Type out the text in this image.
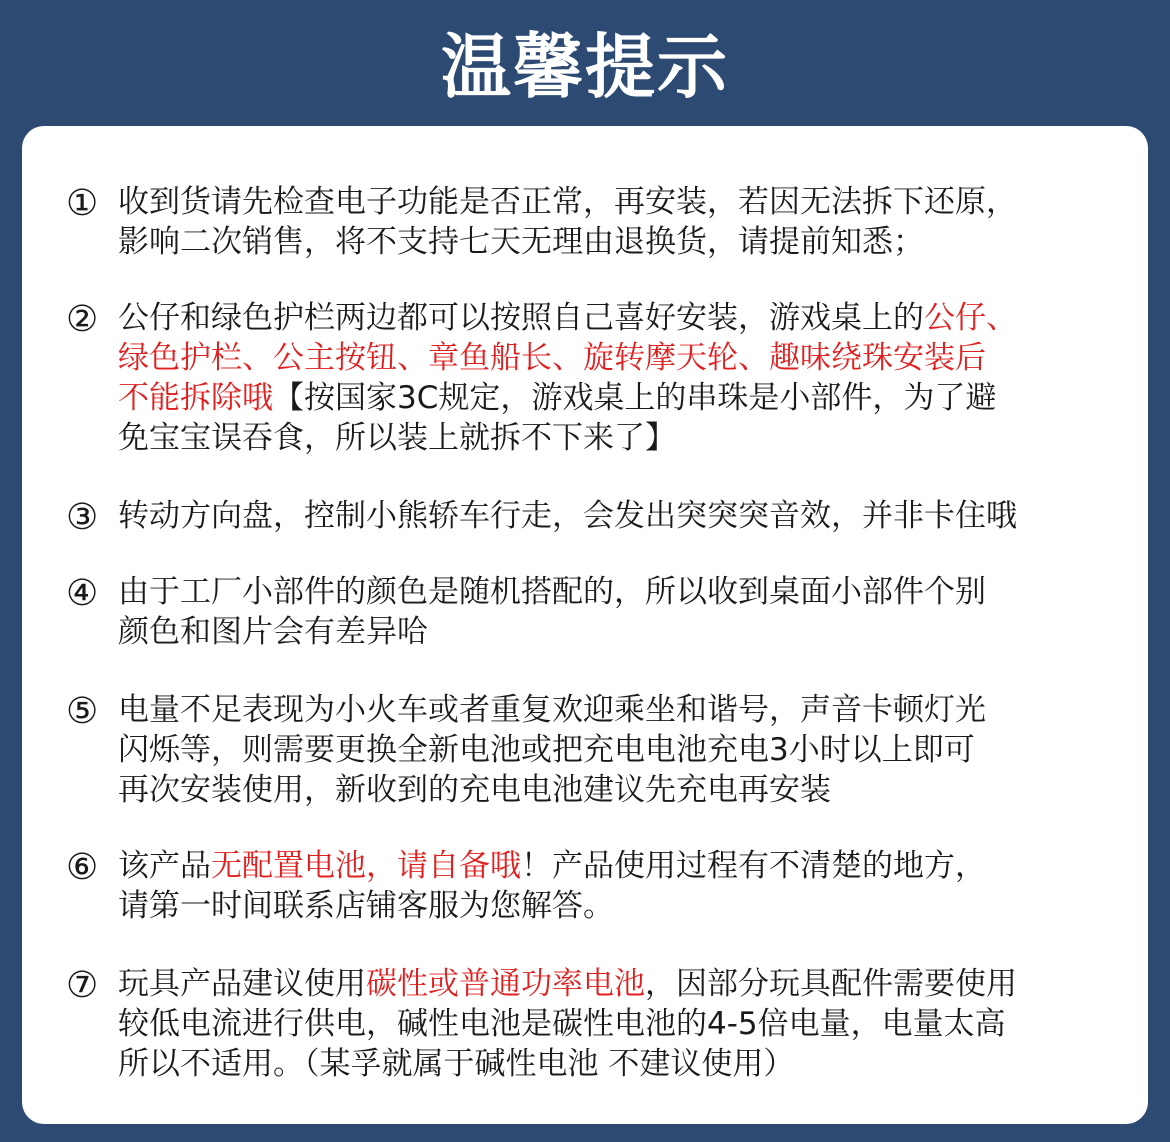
温馨提示
① 收到货请先检查电子功能是否正常，再安装，若因无法拆下还原，
影响二次销售，将不支持七天无理由退换货，请提前知悉；
② 公仔和绿色护栏两边都可以按照自己喜好安装，游戏桌上的公仔、
绿色护栏、公主按钮、章鱼船长、旋转摩天轮、趣味绕珠安装后
不能拆除哦【按国家3C规定，游戏桌上的串珠是小部件，为了避
免宝宝误吞食，所以装上就拆不下来了】
③ 转动方向盘，控制小熊轿车行走，会发出突突突音效，并非卡住哦
④ 由于工厂小部件的颜色是随机搭配的，所以收到桌面小部件个别
颜色和图片会有差异哈
⑤ 电量不足表现为小火车或者重复欢迎乘坐和谐号，声音卡顿灯光
闪烁等，则需要更换全新电池或把充电电池充电3小时以上即可
再次安装使用，新收到的充电电池建议先充电再安装
⑥ 该产品无配置电池，请自备哦！产品使用过程有不清楚的地方，
请第一时间联系店铺客服为您解答。
⑦ 玩具产品建议使用碳性或普通功率电池，因部分玩具配件需要使用
较低电流进行供电，碱性电池是碳性电池的4-5倍电量，电量太高
所以不适用。（某孚就属于碱性电池 不建议使用）
